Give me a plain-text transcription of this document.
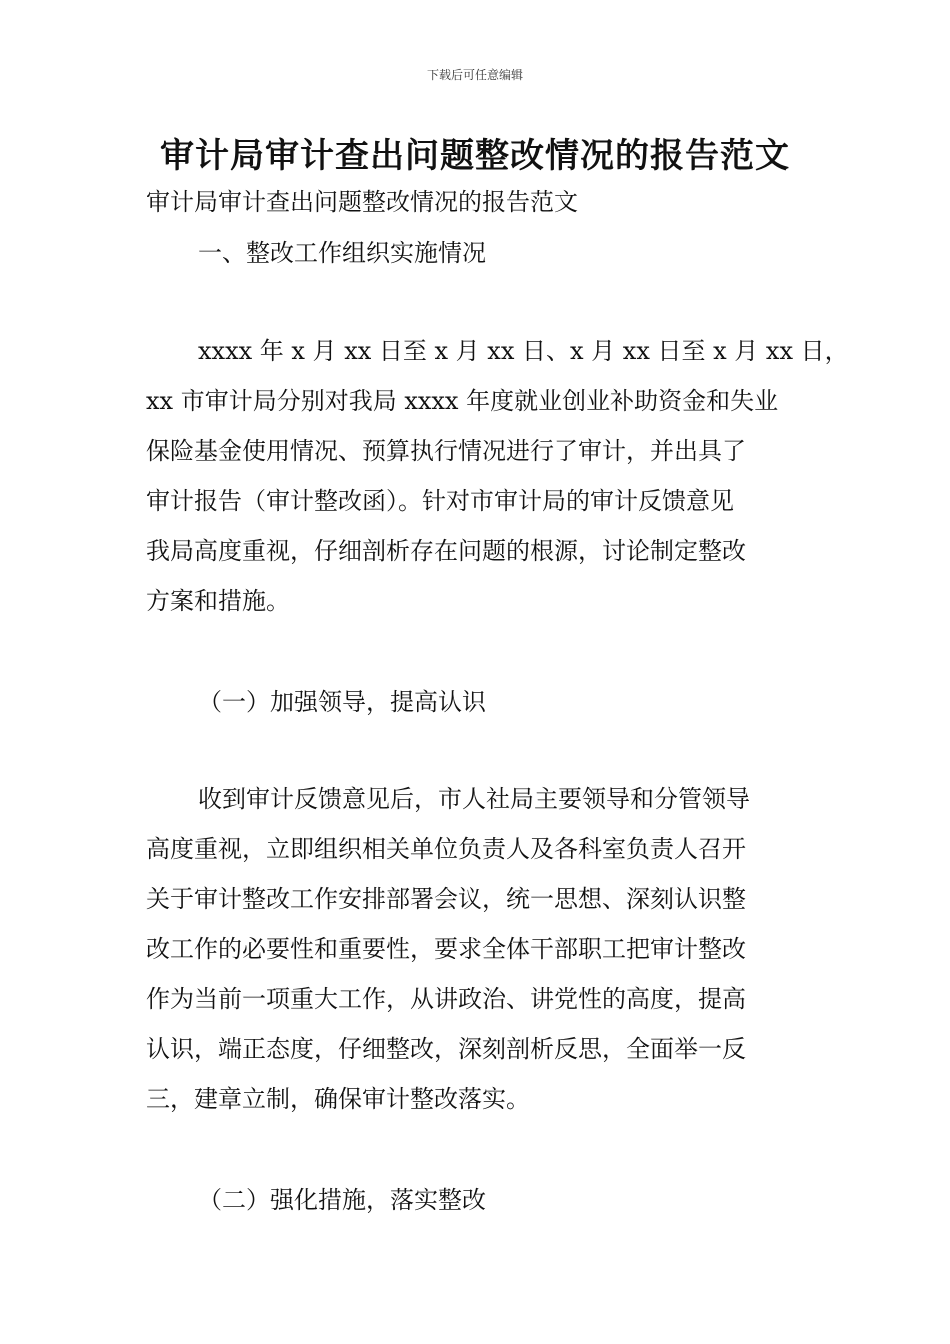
下载后可任意编辑
审计局审计查出问题整改情况的报告范文
审计局审计查出问题整改情况的报告范文
一、整改工作组织实施情况
xxxx 年 x 月 xx 日至 x 月 xx 日、x 月 xx 日至 x 月 xx 日，
xx 市审计局分别对我局 xxxx 年度就业创业补助资金和失业
保险基金使用情况、预算执行情况进行了审计，并出具了
审计报告（审计整改函）。针对市审计局的审计反馈意见
我局高度重视，仔细剖析存在问题的根源，讨论制定整改
方案和措施。
（一）加强领导，提高认识
收到审计反馈意见后，市人社局主要领导和分管领导
高度重视，立即组织相关单位负责人及各科室负责人召开
关于审计整改工作安排部署会议，统一思想、深刻认识整
改工作的必要性和重要性，要求全体干部职工把审计整改
作为当前一项重大工作，从讲政治、讲党性的高度，提高
认识，端正态度，仔细整改，深刻剖析反思，全面举一反
三，建章立制，确保审计整改落实。
（二）强化措施，落实整改
